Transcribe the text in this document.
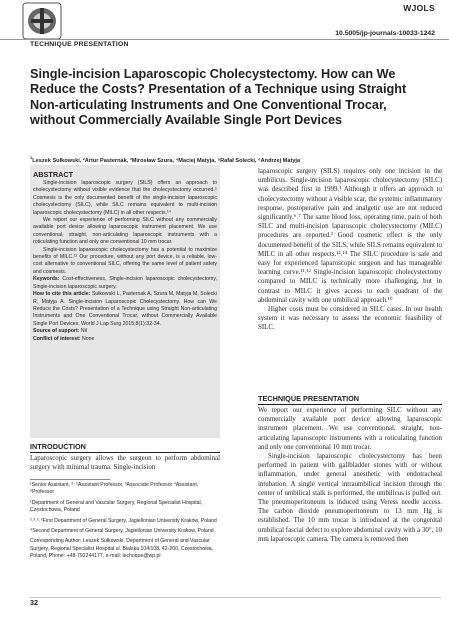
WJOLS
10.5005/jp-journals-10033-1242
TECHNIQUE PRESENTATION
Single-incision Laparoscopic Cholecystectomy. How can We Reduce the Costs? Presentation of a Technique using Straight Non-articulating Instruments and One Conventional Trocar, without Commercially Available Single Port Devices
$^1$Leszek Sułkowski, ²Artur Pasternak, ³Mirosław Szura, ⁴Maciej Matyja, ⁵Rafał Solecki, ⁶Andrzej Matyja
ABSTRACT

Single-incision laparoscopic surgery (SILS) offers an approach to cholecystectomy without visible evidence that the cholecystectomy occurred.⁵ Cosmesis is the only documented benefit of the single-incision laparoscopic cholecystectomy (SILC), while SILC remains equivalent to multi-incision laparoscopic cholecystectomy (MILC) in all other respects.¹⁴

We report our experience of performing SILC without any commercially available port device allowing laparoscopic instrument placement. We use conventional, straight, non-articulating laparoscopic instruments with a roticulating function and only one conventional 10 mm trocar.

Single-incision laparoscopic cholecystectomy has a potential to maximize benefits of MILC.¹² Our procedure, without any port device, is a reliable, low-cost alternative to conventional SILC, offering the same level of patient safety and cosmesis.

Keywords: Cost-effectiveness, Single-incision laparoscopic cholecystectomy, Single-incision laparoscopic surgery.

How to cite this article: Sułkowski L, Pasternak A, Szura M, Matyja M, Solecki R, Matyja A. Single-incision Laparoscopic Cholecystectomy. How can We Reduce the Costs? Presentation of a Technique using Straight Non-articulating Instruments and One Conventional Trocar, without Commercially Available Single Port Devices. World J Lap Surg 2015;8(1):32-34.

Source of support: Nil

Conflict of interest: None

INTRODUCTION
Laparoscopic surgery allows the surgeon to perform abdominal surgery with minimal trauma. Single-incision

¹Senior Assistant, ²⁻⁵Assistant Professor, ³Associate Professor ⁴Assistant, ⁶Professor

¹Department of General and Vascular Surgery, Regional Specialist Hospital, Częstochowa, Poland

²˒³˒⁵˒⁶First Department of General Surgery, Jagiellonian University Kraków, Poland

⁴Second Department of General Surgery, Jagiellonian University Krakow, Poland

Corresponding Author: Leszek Sułkowski, Department of General and Vascular Surgery, Regional Specialist Hospital ul. Bialska 104/108, 42-200, Częstochowa, Poland, Phone: +48-792244177, e-mail: lechoque@wp.pl

32

laparoscopic surgery (SILS) requires only one incision in the umbilicus. Single-incision laparoscopic cholecystectomy (SILC) was described first in 1999.¹ Although it offers an approach to cholecystectomy without a visible scar, the systemic inflammatory response, postoperative pain and analgetic use are not reduced significantly.⁶˒⁷ The same blood loss, operating time, pain of both SILC and multi-incision laparoscopic cholecystectomy (MILC) procedures are reported.² Good cosmetic effect is the only documented benefit of the SILS, while SILS remains equivalent to MILC in all other respects.¹²˒¹⁴ The SILC procedure is safe and easy for experienced laparoscopic surgeon and has manageable learning curve.¹¹˒¹² Single-incision laparoscopic cholecystectomy compared to MILC is technically more challenging, but in contrast to MILC it gives access to each quadrant of the abdominal cavity with one umbilical approach.¹⁰

Higher costs must be considered in SILC cases. In our health system it was necessary to assess the economic feasibility of SILC.

TECHNIQUE PRESENTATION

We report our experience of performing SILC without any commercially available port device allowing laparoscopic instrument placement. We use conventional, straight, non-articulating laparoscopic instruments with a roticulating function and only one conventional 10 mm trocar.

Single-incision laparoscopic cholecystectomy has been performed in patient with gallbladder stones with or without inflammation, under general anesthetic with endotracheal intubation. A single vertical intraumbilical incision through the center of umbilical stalk is performed, the umbilicus is pulled out. The pneumoperitoneum is induced using Veress needle access. The carbon dioxide pneumoperitoneum to 13 mm Hg is established. The 10 mm trocar is introduced at the congenital umbilical fascial defect to explore abdominal cavity with a 30°, 10 mm laparoscopic camera. The camera is removed then
